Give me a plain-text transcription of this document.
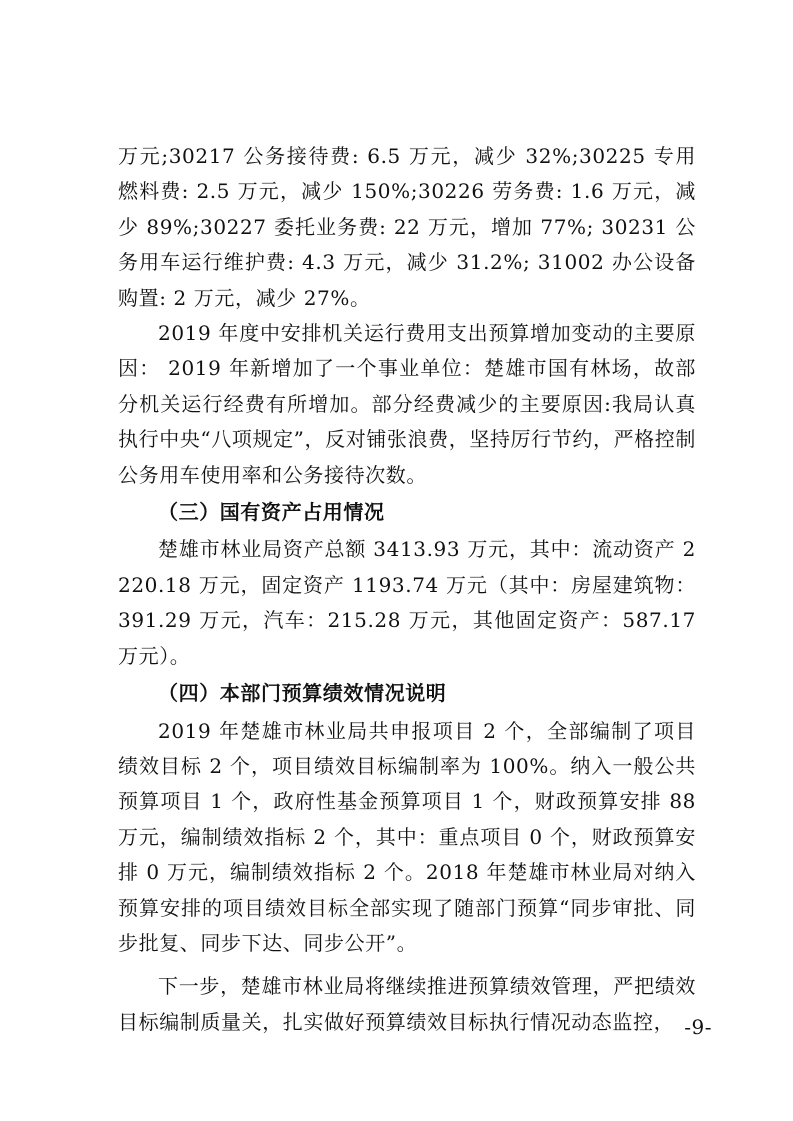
万元;30217 公务接待费: 6.5 万元，减少 32%;30225 专用燃料费: 2.5 万元，减少 150%;30226 劳务费: 1.6 万元，减少 89%;30227 委托业务费: 22 万元，增加 77%; 30231 公务用车运行维护费: 4.3 万元，减少 31.2%; 31002 办公设备购置: 2 万元，减少 27%。

2019 年度中安排机关运行费用支出预算增加变动的主要原因： 2019 年新增加了一个事业单位：楚雄市国有林场，故部分机关运行经费有所增加。部分经费减少的主要原因:我局认真执行中央“八项规定”，反对铺张浪费，坚持厉行节约，严格控制公务用车使用率和公务接待次数。

（三）国有资产占用情况

楚雄市林业局资产总额 3413.93 万元，其中：流动资产 2220.18 万元，固定资产 1193.74 万元（其中：房屋建筑物：391.29 万元，汽车：215.28 万元，其他固定资产：587.17 万元）。

（四）本部门预算绩效情况说明

2019 年楚雄市林业局共申报项目 2 个，全部编制了项目绩效目标 2 个，项目绩效目标编制率为 100%。纳入一般公共预算项目 1 个，政府性基金预算项目 1 个，财政预算安排 88 万元，编制绩效指标 2 个，其中：重点项目 0 个，财政预算安排 0 万元，编制绩效指标 2 个。2018 年楚雄市林业局对纳入预算安排的项目绩效目标全部实现了随部门预算“同步审批、同步批复、同步下达、同步公开”。

下一步，楚雄市林业局将继续推进预算绩效管理，严把绩效目标编制质量关，扎实做好预算绩效目标执行情况动态监控， -9-
